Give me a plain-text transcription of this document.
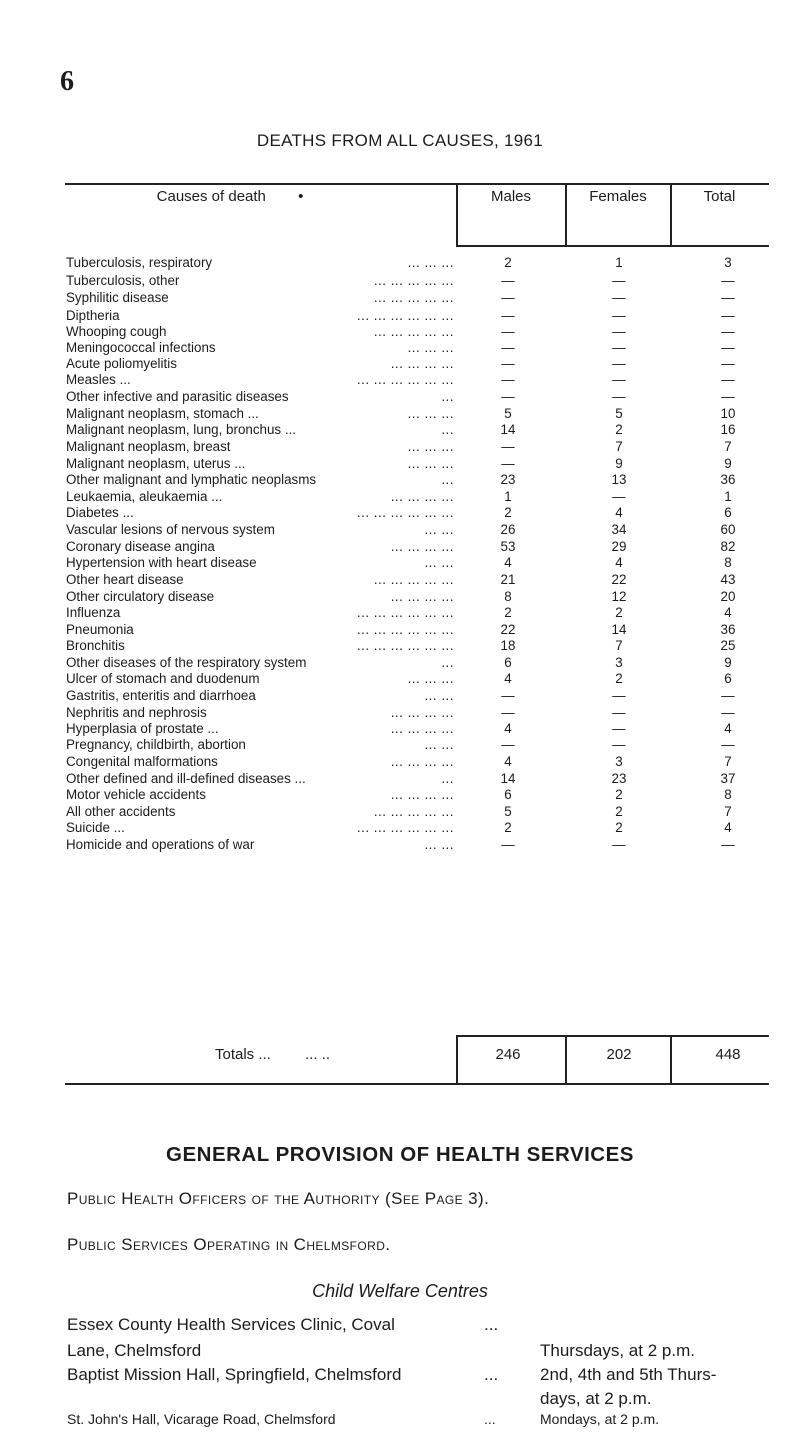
6
DEATHS FROM ALL CAUSES, 1961
Causes of death •	Males	Females	Total
Tuberculosis, respiratory	... ... ...	2	1	3
Tuberculosis, other	... ... ... ... ...	—	—	—
Syphilitic disease	... ... ... ... ...	—	—	—
Diptheria	... ... ... ... ... ...	—	—	—
Whooping cough	... ... ... ... ...	—	—	—
Meningococcal infections	... ... ...	—	—	—
Acute poliomyelitis	... ... ... ...	—	—	—
Measles ...	... ... ... ... ... ...	—	—	—
Other infective and parasitic diseases	...	—	—	—
Malignant neoplasm, stomach ...	... ... ...	5	5	10
Malignant neoplasm, lung, bronchus ...	...	14	2	16
Malignant neoplasm, breast	... ... ...	—	7	7
Malignant neoplasm, uterus ...	... ... ...	—	9	9
Other malignant and lymphatic neoplasms	...	23	13	36
Leukaemia, aleukaemia ...	... ... ... ...	1	—	1
Diabetes ...	... ... ... ... ... ...	2	4	6
Vascular lesions of nervous system	... ...	26	34	60
Coronary disease angina	... ... ... ...	53	29	82
Hypertension with heart disease	... ...	4	4	8
Other heart disease	... ... ... ... ...	21	22	43
Other circulatory disease	... ... ... ...	8	12	20
Influenza	... ... ... ... ... ...	2	2	4
Pneumonia	... ... ... ... ... ...	22	14	36
Bronchitis	... ... ... ... ... ...	18	7	25
Other diseases of the respiratory system	...	6	3	9
Ulcer of stomach and duodenum	... ... ...	4	2	6
Gastritis, enteritis and diarrhoea	... ...	—	—	—
Nephritis and nephrosis	... ... ... ...	—	—	—
Hyperplasia of prostate ...	... ... ... ...	4	—	4
Pregnancy, childbirth, abortion	... ...	—	—	—
Congenital malformations	... ... ... ...	4	3	7
Other defined and ill-defined diseases ...	...	14	23	37
Motor vehicle accidents	... ... ... ...	6	2	8
All other accidents	... ... ... ... ...	5	2	7
Suicide ...	... ... ... ... ... ...	2	2	4
Homicide and operations of war	... ...	—	—	—
Totals ... ... ..	246	202	448
GENERAL PROVISION OF HEALTH SERVICES
Public Health Officers of the Authority (See Page 3).
Public Services Operating in Chelmsford.
Child Welfare Centres
Essex County Health Services Clinic, Coval	...
Lane, Chelmsford	Thursdays, at 2 p.m.
Baptist Mission Hall, Springfield, Chelmsford	... 2nd, 4th and 5th Thurs-
days, at 2 p.m.
St. John's Hall, Vicarage Road, Chelmsford	...	Mondays, at 2 p.m.
